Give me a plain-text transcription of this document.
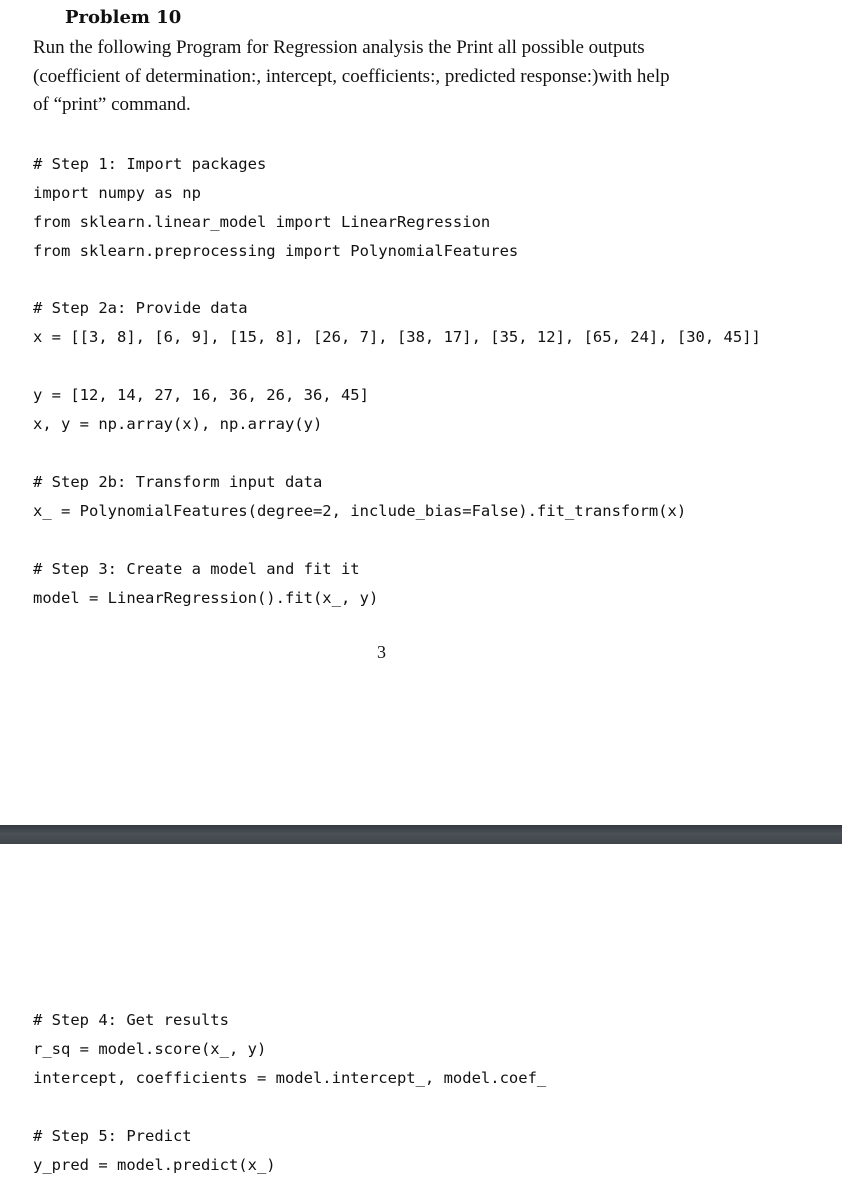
Problem 10

Run the following Program for Regression analysis the Print all possible outputs
(coefficient of determination:, intercept, coefficients:, predicted response:)with help
of “print” command.

# Step 1: Import packages
import numpy as np
from sklearn.linear_model import LinearRegression
from sklearn.preprocessing import PolynomialFeatures
# Step 2a: Provide data
x = [[3, 8], [6, 9], [15, 8], [26, 7], [38, 17], [35, 12], [65, 24], [30, 45]]
y = [12, 14, 27, 16, 36, 26, 36, 45]
x, y = np.array(x), np.array(y)
# Step 2b: Transform input data
x_ = PolynomialFeatures(degree=2, include_bias=False).fit_transform(x)
# Step 3: Create a model and fit it
model = LinearRegression().fit(x_, y)
3
# Step 4: Get results
r_sq = model.score(x_, y)
intercept, coefficients = model.intercept_, model.coef_
# Step 5: Predict
y_pred = model.predict(x_)
